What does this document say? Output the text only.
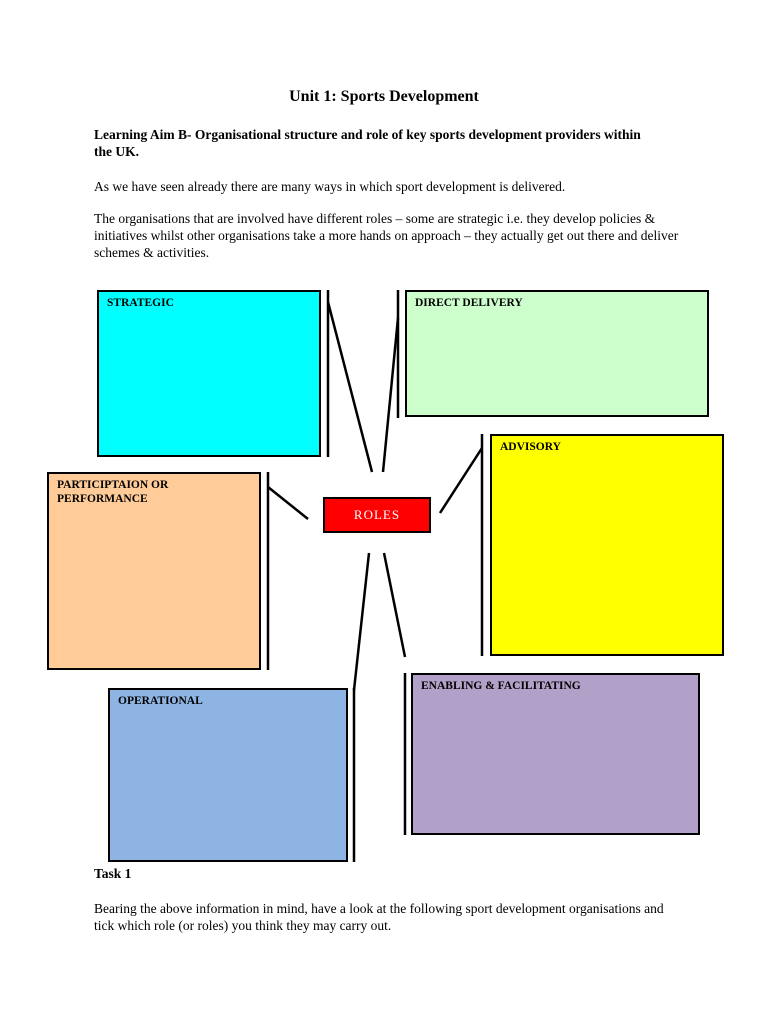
Unit 1: Sports Development
Learning Aim B- Organisational structure and role of key sports development providers within the UK.
As we have seen already there are many ways in which sport development is delivered.
The organisations that are involved have different roles – some are strategic i.e. they develop policies & initiatives whilst other organisations take a more hands on approach – they actually get out there and deliver schemes & activities.
STRATEGIC	DIRECT DELIVERY
ADVISORY
PARTICIPTAION OR PERFORMANCE
OPERATIONAL
ENABLING & FACILITATING
ROLES
Task 1
Bearing the above information in mind, have a look at the following sport development organisations and tick which role (or roles) you think they may carry out.
